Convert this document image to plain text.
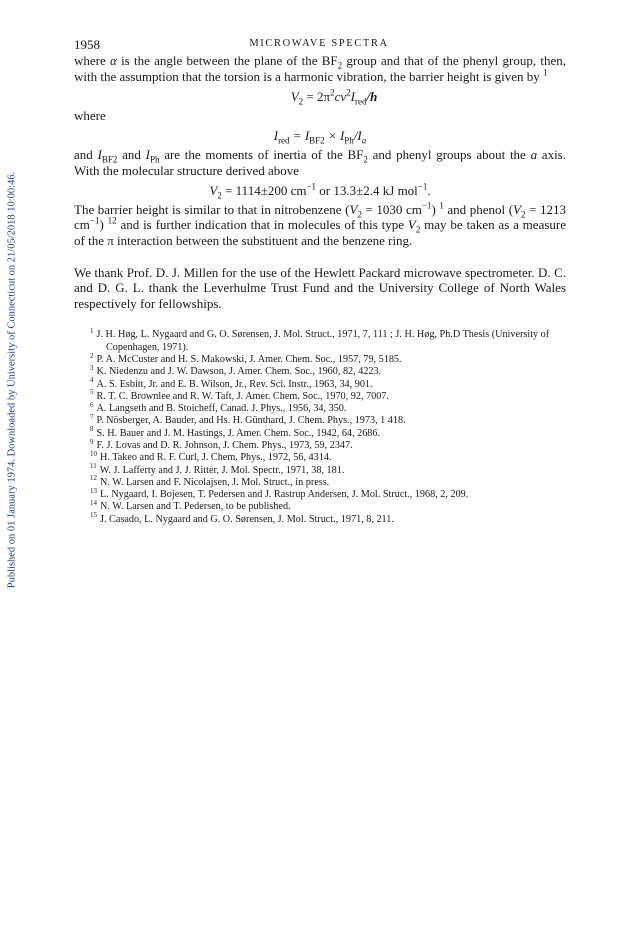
Published on 01 January 1974. Downloaded by University of Connecticut on 21/05/2018 10:00:46.
1958	MICROWAVE SPECTRA

where α is the angle between the plane of the $BF_2$ group and that of the phenyl group, then, with the assumption that the torsion is a harmonic vibration, the barrier height is given by $^1$

$V_2 = 2\pi^2c\nu^2I_{red}/h$

where

$I_{red} = I_{BF2} \times I_{Ph}/I_a$

and $I_{BF2}$ and $I_{Ph}$ are the moments of inertia of the $BF_2$ and phenyl groups about the a axis. With the molecular structure derived above

$V_2 = 1114\pm 200$ $cm^{-1}$ or 13.3±2.4 kJ mol$^{-1}$.

The barrier height is similar to that in nitrobenzene ($V_2 = 1030$ $cm^{-1}$) $^1$ and phenol ($V_2 = 1213$ $cm^{-1}$) $^{12}$ and is further indication that in molecules of this type $V_2$ may be taken as a measure of the π interaction between the substituent and the benzene ring.

We thank Prof. D. J. Millen for the use of the Hewlett Packard microwave spectrometer. D. C. and D. G. L. thank the Leverhulme Trust Fund and the University College of North Wales respectively for fellowships.

$^1$ J. H. Høg, L. Nygaard and G. O. Sørensen, J. Mol. Struct., 1971, 7, 111 ; J. H. Høg, Ph.D Thesis (University of Copenhagen, 1971).
$^2$ P. A. McCuster and H. S. Makowski, J. Amer. Chem. Soc., 1957, 79, 5185.
$^3$ K. Niedenzu and J. W. Dawson, J. Amer. Chem. Soc., 1960, 82, 4223.
$^4$ A. S. Esbitt, Jr. and E. B. Wilson, Jr., Rev. Sci. Instr., 1963, 34, 901.
$^5$ R. T. C. Brownlee and R. W. Taft, J. Amer. Chem. Soc., 1970, 92, 7007.
$^6$ A. Langseth and B. Stoicheff, Canad. J. Phys., 1956, 34, 350.
$^7$ P. Nösberger, A. Bauder, and Hs. H. Günthard, J. Chem. Phys., 1973, 1 418.
$^8$ S. H. Bauer and J. M. Hastings, J. Amer. Chem. Soc., 1942, 64, 2686.
$^9$ F. J. Lovas and D. R. Johnson, J. Chem. Phys., 1973, 59, 2347.
$^{10}$ H. Takeo and R. F. Curl, J. Chem. Phys., 1972, 56, 4314.
$^{11}$ W. J. Lafferty and J. J. Ritter, J. Mol. Spectr., 1971, 38, 181.
$^{12}$ N. W. Larsen and F. Nicolajsen, J. Mol. Struct., in press.
$^{13}$ L. Nygaard, I. Bojesen, T. Pedersen and J. Rastrup Andersen, J. Mol. Struct., 1968, 2, 209.
$^{14}$ N. W. Larsen and T. Pedersen, to be published.
$^{15}$ J. Casado, L. Nygaard and G. O. Sørensen, J. Mol. Struct., 1971, 8, 211.
